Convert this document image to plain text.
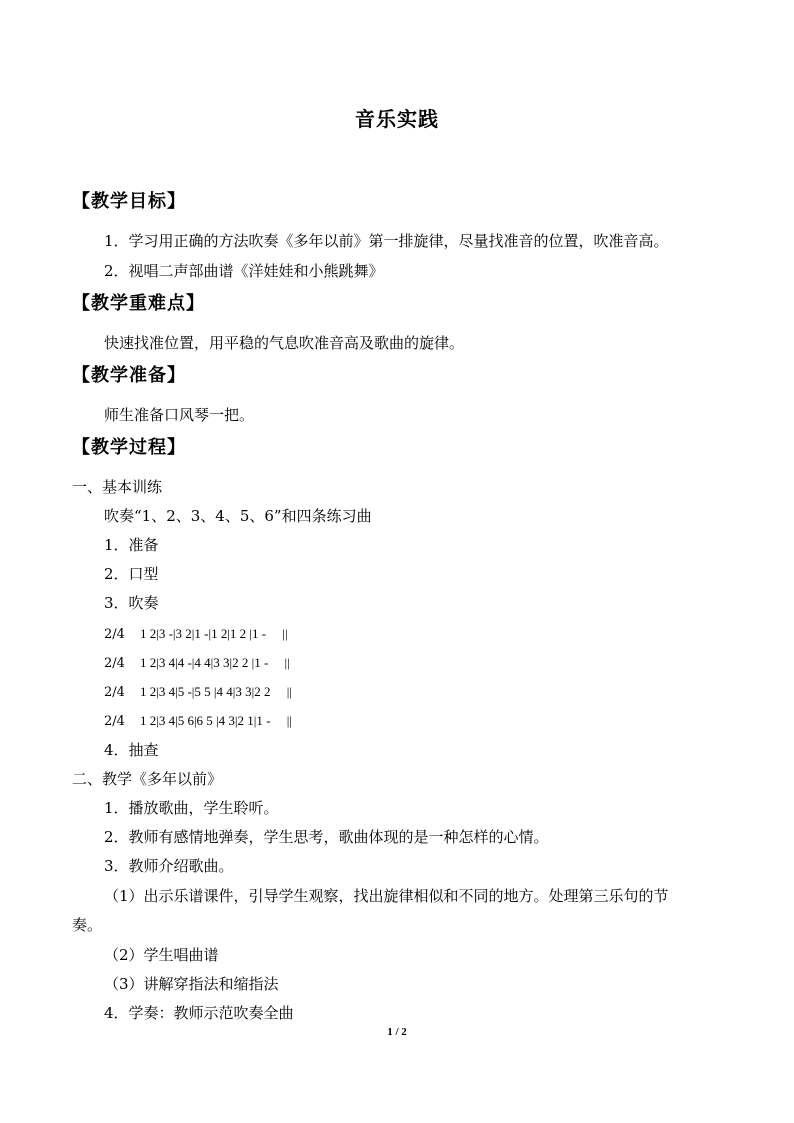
音乐实践
【教学目标】
1．学习用正确的方法吹奏《多年以前》第一排旋律，尽量找准音的位置，吹准音高。
2．视唱二声部曲谱《洋娃娃和小熊跳舞》
【教学重难点】
快速找准位置，用平稳的气息吹准音高及歌曲的旋律。
【教学准备】
师生准备口风琴一把。
【教学过程】
一、基本训练
吹奏“1、2、3、4、5、6”和四条练习曲
1．准备
2．口型
3．吹奏
2/4 1 2|3 -|3 2|1 -|1 2|1 2 |1 -     ||
2/4 1 2|3 4|4 -|4 4|3 3|2 2 |1 -     ||
2/4 1 2|3 4|5 -|5 5 |4 4|3 3|2 2     ||
2/4 1 2|3 4|5 6|6 5 |4 3|2 1|1 -     ||
4．抽查
二、教学《多年以前》
1．播放歌曲，学生聆听。
2．教师有感情地弹奏，学生思考，歌曲体现的是一种怎样的心情。
3．教师介绍歌曲。
（1）出示乐谱课件，引导学生观察，找出旋律相似和不同的地方。处理第三乐句的节
奏。
（2）学生唱曲谱
（3）讲解穿指法和缩指法
4．学奏：教师示范吹奏全曲
1 / 2
